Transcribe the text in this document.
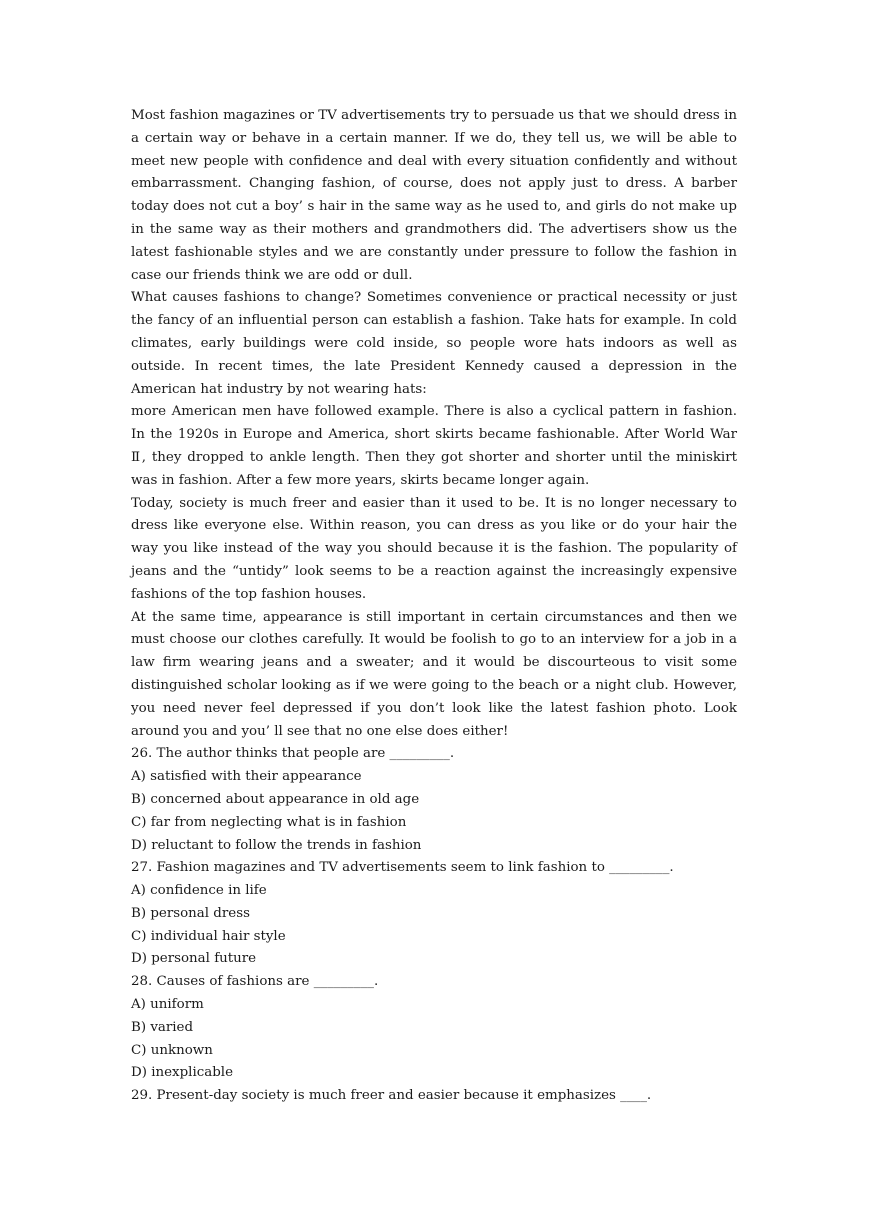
Most fashion magazines or TV advertisements try to persuade us that we should dress in a certain way or behave in a certain manner. If we do, they tell us, we will be able to meet new people with confidence and deal with every situation confidently and without embarrassment. Changing fashion, of course, does not apply just to dress. A barber today does not cut a boy’ s hair in the same way as he used to, and girls do not make up in the same way as their mothers and grandmothers did. The advertisers show us the latest fashionable styles and we are constantly under pressure to follow the fashion in case our friends think we are odd or dull.

What causes fashions to change? Sometimes convenience or practical necessity or just the fancy of an influential person can establish a fashion. Take hats for example. In cold climates, early buildings were cold inside, so people wore hats indoors as well as outside. In recent times, the late President Kennedy caused a depression in the American hat industry by not wearing hats:

more American men have followed example. There is also a cyclical pattern in fashion. In the 1920s in Europe and America, short skirts became fashionable. After World War Ⅱ, they dropped to ankle length. Then they got shorter and shorter until the miniskirt was in fashion. After a few more years, skirts became longer again.

Today, society is much freer and easier than it used to be. It is no longer necessary to dress like everyone else. Within reason, you can dress as you like or do your hair the way you like instead of the way you should because it is the fashion. The popularity of jeans and the “untidy” look seems to be a reaction against the increasingly expensive fashions of the top fashion houses.

At the same time, appearance is still important in certain circumstances and then we must choose our clothes carefully. It would be foolish to go to an interview for a job in a law firm wearing jeans and a sweater; and it would be discourteous to visit some distinguished scholar looking as if we were going to the beach or a night club. However, you need never feel depressed if you don’t look like the latest fashion photo. Look around you and you’ ll see that no one else does either!

26. The author thinks that people are _________.

A) satisfied with their appearance

B) concerned about appearance in old age

C) far from neglecting what is in fashion

D) reluctant to follow the trends in fashion

27. Fashion magazines and TV advertisements seem to link fashion to _________.

A) confidence in life

B) personal dress

C) individual hair style

D) personal future

28. Causes of fashions are _________.

A) uniform

B) varied

C) unknown

D) inexplicable

29. Present-day society is much freer and easier because it emphasizes ____.
